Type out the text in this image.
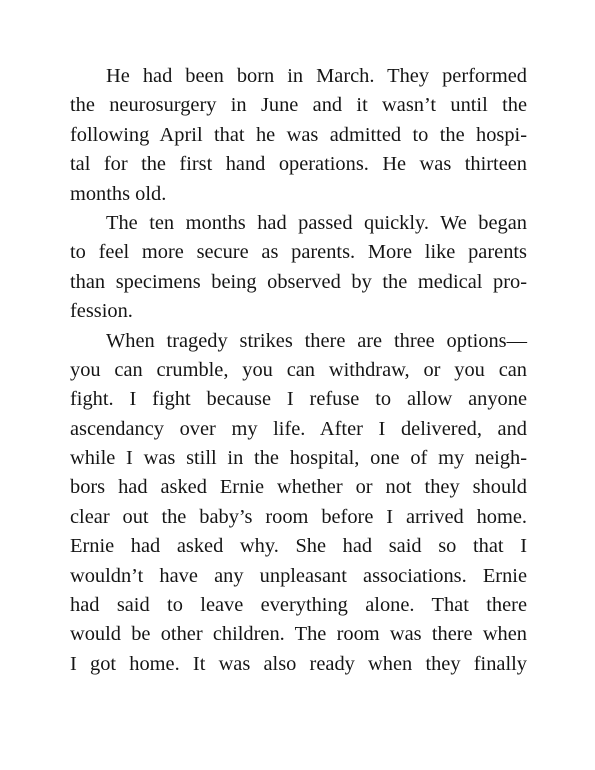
He had been born in March. They performed
the neurosurgery in June and it wasn’t until the
following April that he was admitted to the hospi-
tal for the first hand operations. He was thirteen
months old.
The ten months had passed quickly. We began
to feel more secure as parents. More like parents
than specimens being observed by the medical pro-
fession.
When tragedy strikes there are three options—
you can crumble, you can withdraw, or you can
fight. I fight because I refuse to allow anyone
ascendancy over my life. After I delivered, and
while I was still in the hospital, one of my neigh-
bors had asked Ernie whether or not they should
clear out the baby’s room before I arrived home.
Ernie had asked why. She had said so that I
wouldn’t have any unpleasant associations. Ernie
had said to leave everything alone. That there
would be other children. The room was there when
I got home. It was also ready when they finally
